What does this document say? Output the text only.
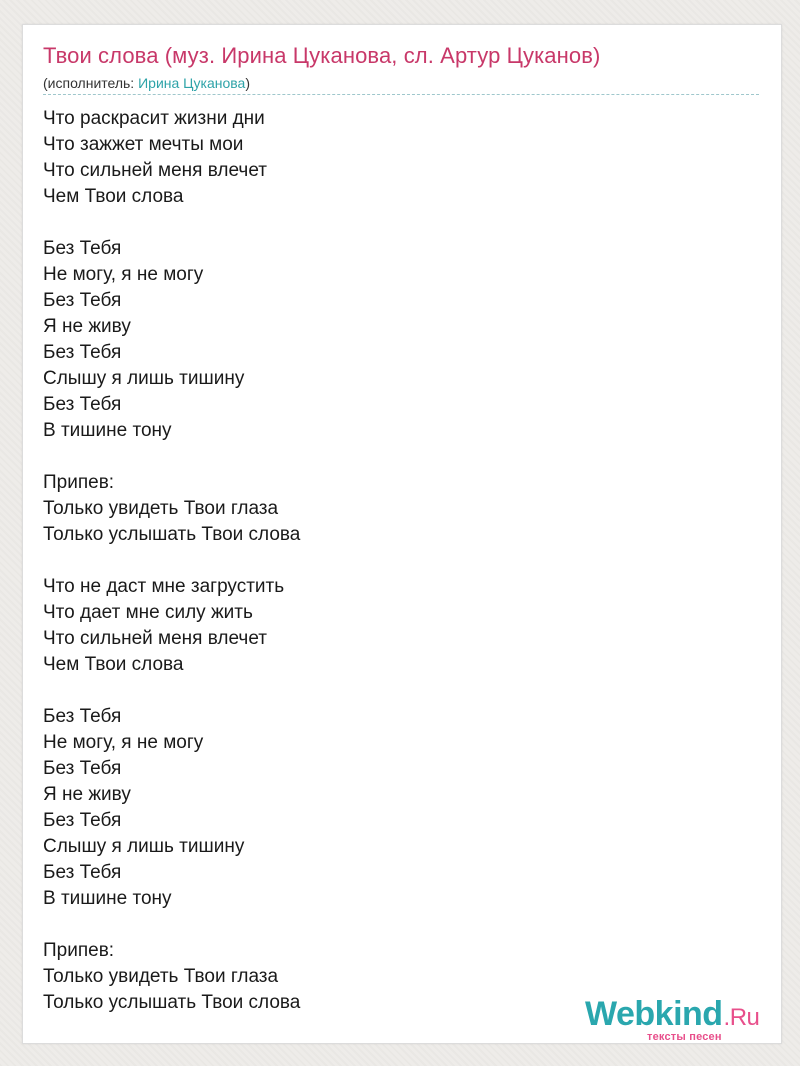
Твои слова (муз. Ирина Цуканова, сл. Артур Цуканов)
(исполнитель: Ирина Цуканова)
Что раскрасит жизни дни
Что зажжет мечты мои
Что сильней меня влечет
Чем Твои слова
Без Тебя
Не могу, я не могу
Без Тебя
Я не живу
Без Тебя
Слышу я лишь тишину
Без Тебя
В тишине тону
Припев:
Только увидеть Твои глаза
Только услышать Твои слова
Что не даст мне загрустить
Что дает мне силу жить
Что сильней меня влечет
Чем Твои слова
Без Тебя
Не могу, я не могу
Без Тебя
Я не живу
Без Тебя
Слышу я лишь тишину
Без Тебя
В тишине тону
Припев:
Только увидеть Твои глаза
Только услышать Твои слова	Webkind.Ru
тексты песен
